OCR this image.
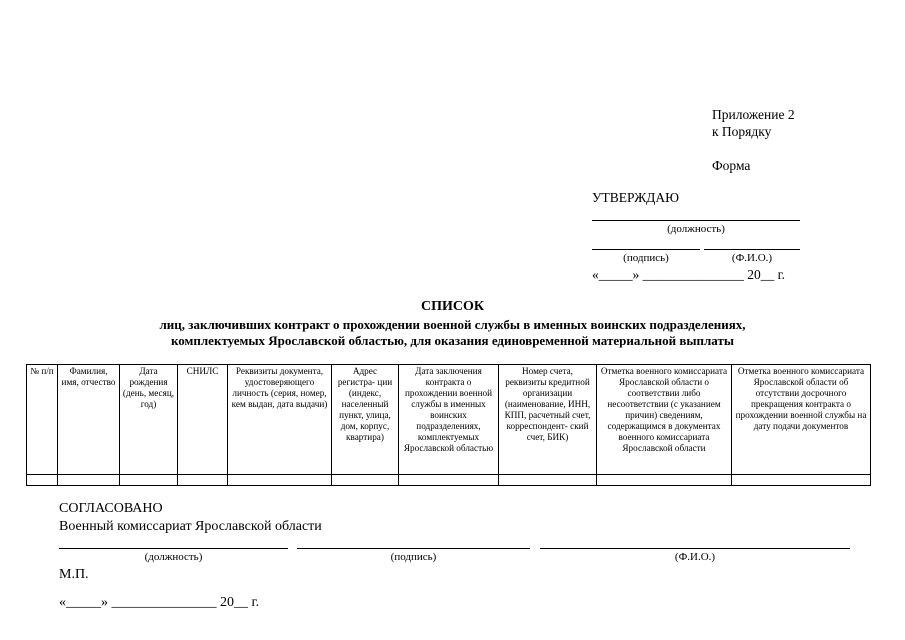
Приложение 2
к Порядку
Форма
УТВЕРЖДАЮ
(должность)
(подпись)	(Ф.И.О.)
«_____» _______________ 20__ г.
СПИСОК
лиц, заключивших контракт о прохождении военной службы в именных воинских подразделениях,
комплектуемых Ярославской областью, для оказания единовременной материальной выплаты
№ п/п	Фамилия, имя, отчество	Дата рождения (день, месяц, год)	СНИЛС	Реквизиты документа, удостоверяющего личность (серия, номер, кем выдан, дата выдачи)	Адрес регистра- ции (индекс, населенный пункт, улица, дом, корпус, квартира)	Дата заключения контракта о прохождении военной службы в именных воинских подразделениях, комплектуемых Ярославской областью	Номер счета, реквизиты кредитной организации (наименование, ИНН, КПП, расчетный счет, корреспондент- ский счет, БИК)	Отметка военного комиссариата Ярославской области о соответствии либо несоответствии (с указанием причин) сведениям, содержащимся в документах военного комиссариата Ярославской области	Отметка военного комиссариата Ярославской области об отсутствии досрочного прекращения контракта о прохождении военной службы на дату подачи документов

СОГЛАСОВАНО
Военный комиссариат Ярославской области
(должность)	(подпись)	(Ф.И.О.)
М.П.
«_____» _______________ 20__ г.
